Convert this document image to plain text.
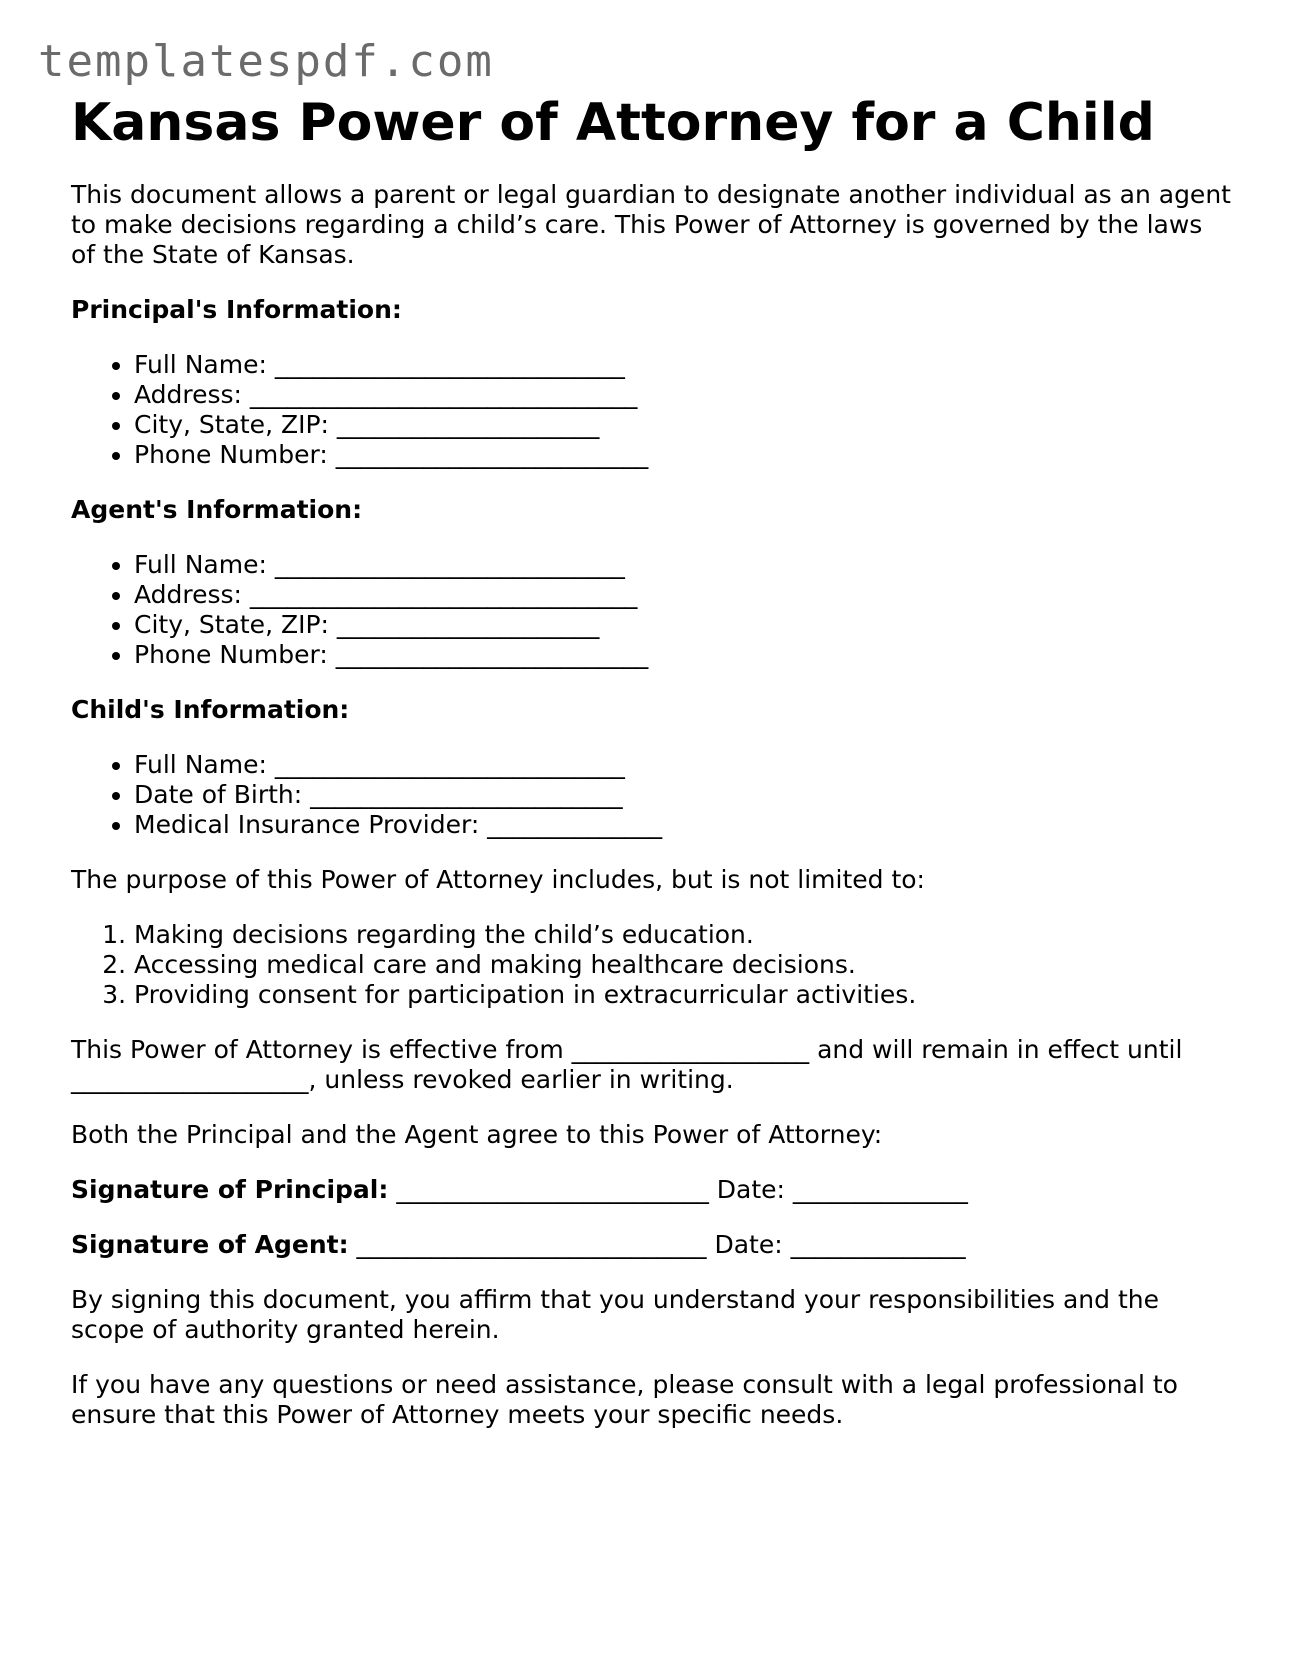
templatespdf.com
Kansas Power of Attorney for a Child

This document allows a parent or legal guardian to designate another individual as an agent to make decisions regarding a child’s care. This Power of Attorney is governed by the laws of the State of Kansas.

Principal's Information:
• Full Name: ____________________________
• Address: _______________________________
• City, State, ZIP: _____________________
• Phone Number: _________________________
Agent's Information:
• Full Name: ____________________________
• Address: _______________________________
• City, State, ZIP: _____________________
• Phone Number: _________________________
Child's Information:
• Full Name: ____________________________
• Date of Birth: _________________________
• Medical Insurance Provider: ______________

The purpose of this Power of Attorney includes, but is not limited to:

1. Making decisions regarding the child’s education.
2. Accessing medical care and making healthcare decisions.
3. Providing consent for participation in extracurricular activities.

This Power of Attorney is effective from ___________________ and will remain in effect until ___________________, unless revoked earlier in writing.

Both the Principal and the Agent agree to this Power of Attorney:

Signature of Principal: _________________________ Date: ______________

Signature of Agent: ____________________________ Date: ______________

By signing this document, you affirm that you understand your responsibilities and the scope of authority granted herein.

If you have any questions or need assistance, please consult with a legal professional to ensure that this Power of Attorney meets your specific needs.
